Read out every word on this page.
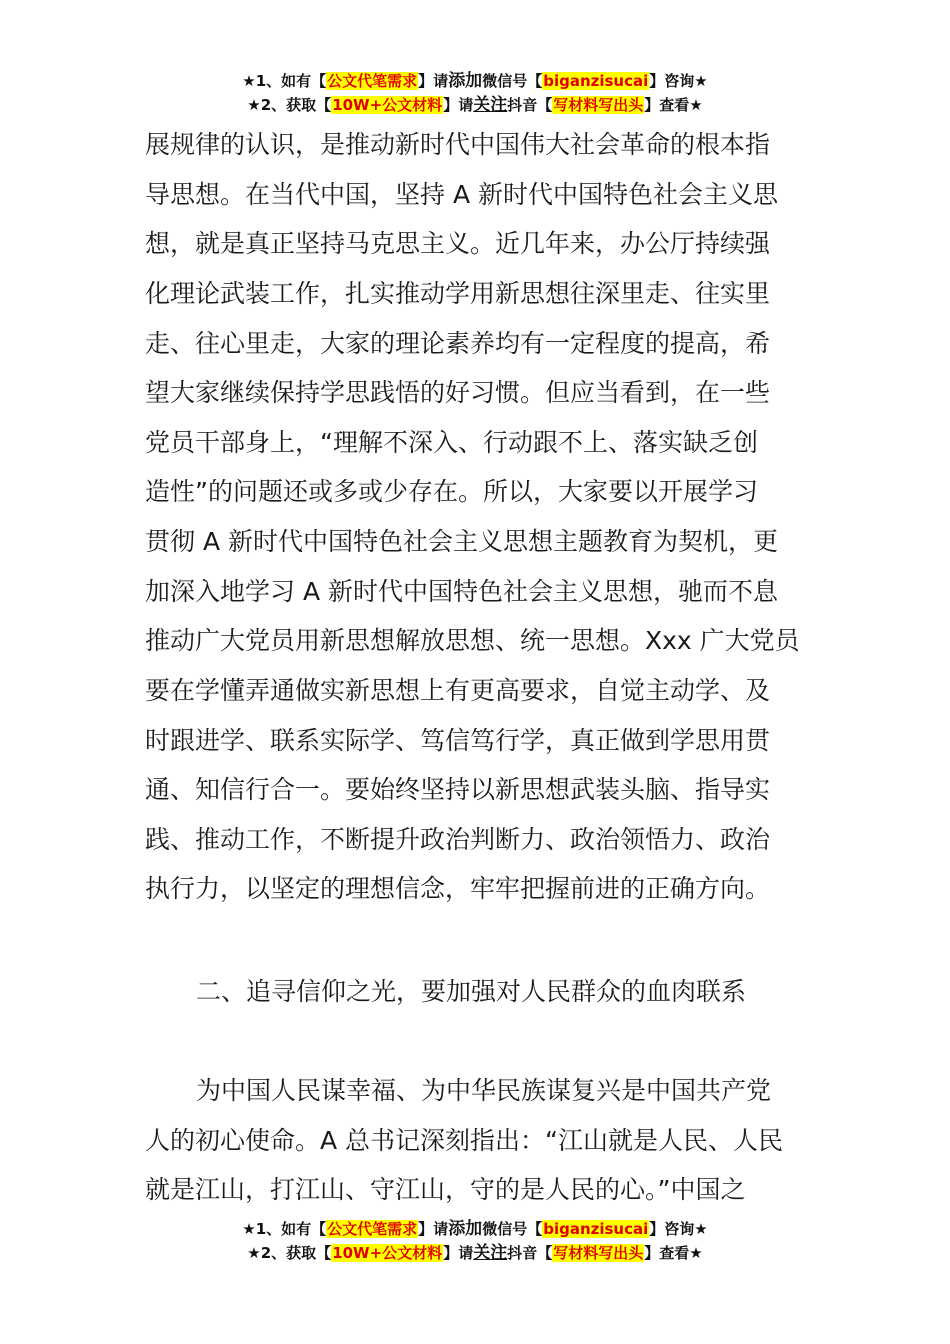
★1、如有【公文代笔需求】请添加微信号【biganzisucai】咨询★
★2、获取【10W+公文材料】请关注抖音【写材料写出头】查看★
展规律的认识，是推动新时代中国伟大社会革命的根本指
导思想。在当代中国，坚持 A 新时代中国特色社会主义思
想，就是真正坚持马克思主义。近几年来，办公厅持续强
化理论武装工作，扎实推动学用新思想往深里走、往实里
走、往心里走，大家的理论素养均有一定程度的提高，希
望大家继续保持学思践悟的好习惯。但应当看到，在一些
党员干部身上，“理解不深入、行动跟不上、落实缺乏创
造性”的问题还或多或少存在。所以，大家要以开展学习
贯彻 A 新时代中国特色社会主义思想主题教育为契机，更
加深入地学习 A 新时代中国特色社会主义思想，驰而不息
推动广大党员用新思想解放思想、统一思想。Xxx 广大党员
要在学懂弄通做实新思想上有更高要求，自觉主动学、及
时跟进学、联系实际学、笃信笃行学，真正做到学思用贯
通、知信行合一。要始终坚持以新思想武装头脑、指导实
践、推动工作，不断提升政治判断力、政治领悟力、政治
执行力，以坚定的理想信念，牢牢把握前进的正确方向。
二、追寻信仰之光，要加强对人民群众的血肉联系
为中国人民谋幸福、为中华民族谋复兴是中国共产党
人的初心使命。A 总书记深刻指出：“江山就是人民、人民
就是江山，打江山、守江山，守的是人民的心。”中国之
★1、如有【公文代笔需求】请添加微信号【biganzisucai】咨询★
★2、获取【10W+公文材料】请关注抖音【写材料写出头】查看★
